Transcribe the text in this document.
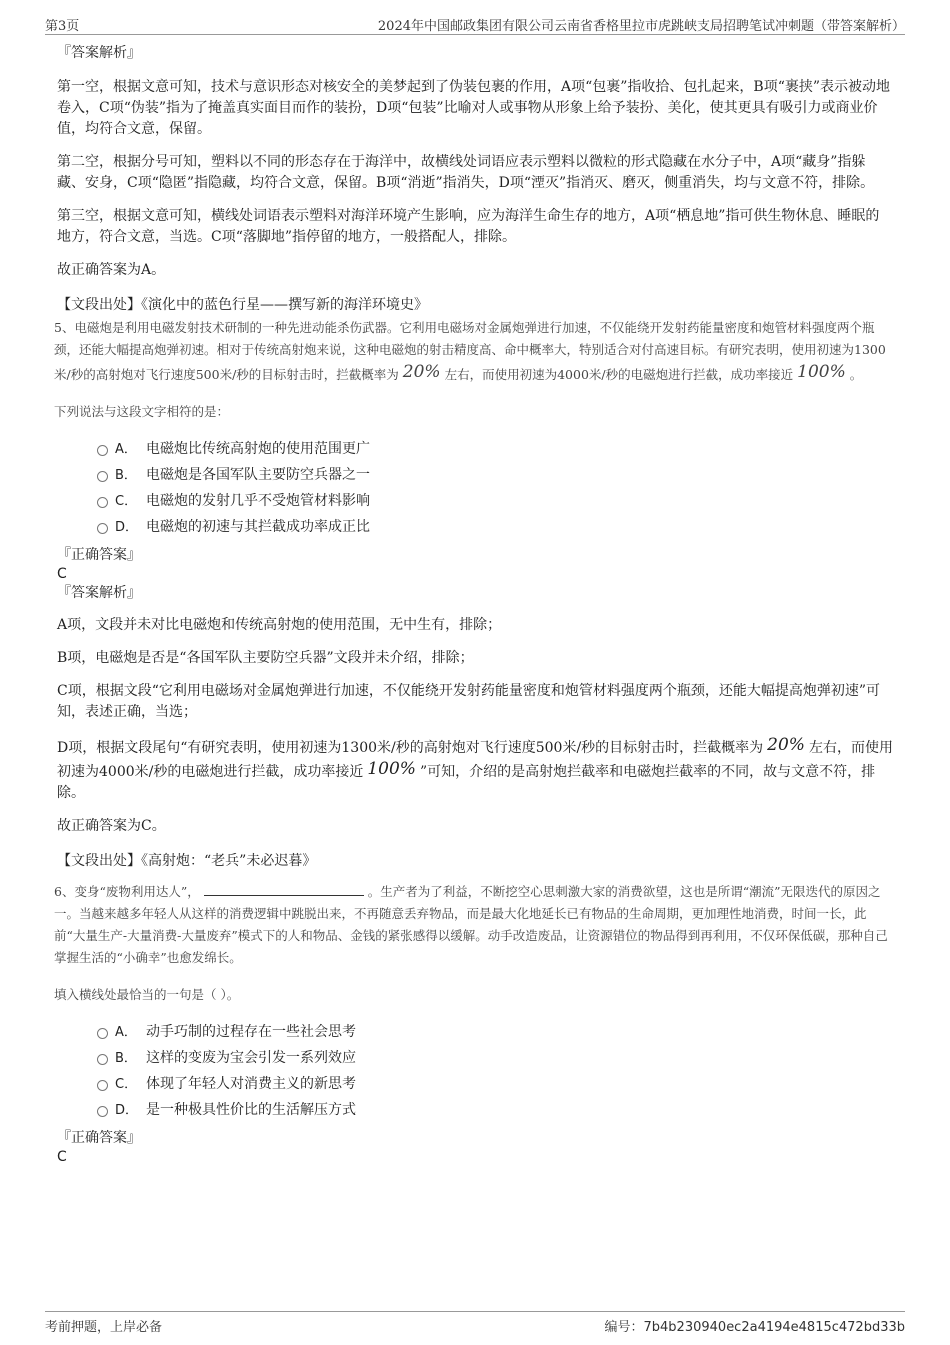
第3页	2024年中国邮政集团有限公司云南省香格里拉市虎跳峡支局招聘笔试冲刺题（带答案解析）

『答案解析』

第一空，根据文意可知，技术与意识形态对核安全的美梦起到了伪装包裹的作用，A项“包裹”指收拾、包扎起来，B项“裹挟”表示被动地卷入，C项“伪装”指为了掩盖真实面目而作的装扮，D项“包装”比喻对人或事物从形象上给予装扮、美化，使其更具有吸引力或商业价值，均符合文意，保留。

第二空，根据分号可知，塑料以不同的形态存在于海洋中，故横线处词语应表示塑料以微粒的形式隐藏在水分子中，A项“藏身”指躲藏、安身，C项“隐匿”指隐藏，均符合文意，保留。B项“消逝”指消失，D项“湮灭”指消灭、磨灭，侧重消失，均与文意不符，排除。

第三空，根据文意可知，横线处词语表示塑料对海洋环境产生影响，应为海洋生命生存的地方，A项“栖息地”指可供生物休息、睡眠的地方，符合文意，当选。C项“落脚地”指停留的地方，一般搭配人，排除。

故正确答案为A。

【文段出处】《演化中的蓝色行星——撰写新的海洋环境史》

5、电磁炮是利用电磁发射技术研制的一种先进动能杀伤武器。它利用电磁场对金属炮弹进行加速，不仅能绕开发射药能量密度和炮管材料强度两个瓶颈，还能大幅提高炮弹初速。相对于传统高射炮来说，这种电磁炮的射击精度高、命中概率大，特别适合对付高速目标。有研究表明，使用初速为1300米/秒的高射炮对飞行速度500米/秒的目标射击时，拦截概率为 20% 左右，而使用初速为4000米/秒的电磁炮进行拦截，成功率接近 100% 。

下列说法与这段文字相符的是：

A． 电磁炮比传统高射炮的使用范围更广
B． 电磁炮是各国军队主要防空兵器之一
C． 电磁炮的发射几乎不受炮管材料影响
D． 电磁炮的初速与其拦截成功率成正比

『正确答案』

C

『答案解析』

A项，文段并未对比电磁炮和传统高射炮的使用范围，无中生有，排除；

B项，电磁炮是否是“各国军队主要防空兵器”文段并未介绍，排除；

C项，根据文段“它利用电磁场对金属炮弹进行加速，不仅能绕开发射药能量密度和炮管材料强度两个瓶颈，还能大幅提高炮弹初速”可知，表述正确，当选；

D项，根据文段尾句“有研究表明，使用初速为1300米/秒的高射炮对飞行速度500米/秒的目标射击时，拦截概率为 20% 左右，而使用初速为4000米/秒的电磁炮进行拦截，成功率接近 100% ”可知，介绍的是高射炮拦截率和电磁炮拦截率的不同，故与文意不符，排除。

故正确答案为C。

【文段出处】《高射炮：“老兵”未必迟暮》

6、变身“废物利用达人”，	。生产者为了利益，不断挖空心思刺激大家的消费欲望，这也是所谓“潮流”无限迭代的原因之一。当越来越多年轻人从这样的消费逻辑中跳脱出来，不再随意丢弃物品，而是最大化地延长已有物品的生命周期，更加理性地消费，时间一长，此前“大量生产-大量消费-大量废弃”模式下的人和物品、金钱的紧张感得以缓解。动手改造废品，让资源错位的物品得到再利用，不仅环保低碳，那种自己掌握生活的“小确幸”也愈发绵长。

填入横线处最恰当的一句是（ ）。

A． 动手巧制的过程存在一些社会思考
B． 这样的变废为宝会引发一系列效应
C． 体现了年轻人对消费主义的新思考
D． 是一种极具性价比的生活解压方式

『正确答案』

C

考前押题，上岸必备	编号：7b4b230940ec2a4194e4815c472bd33b
